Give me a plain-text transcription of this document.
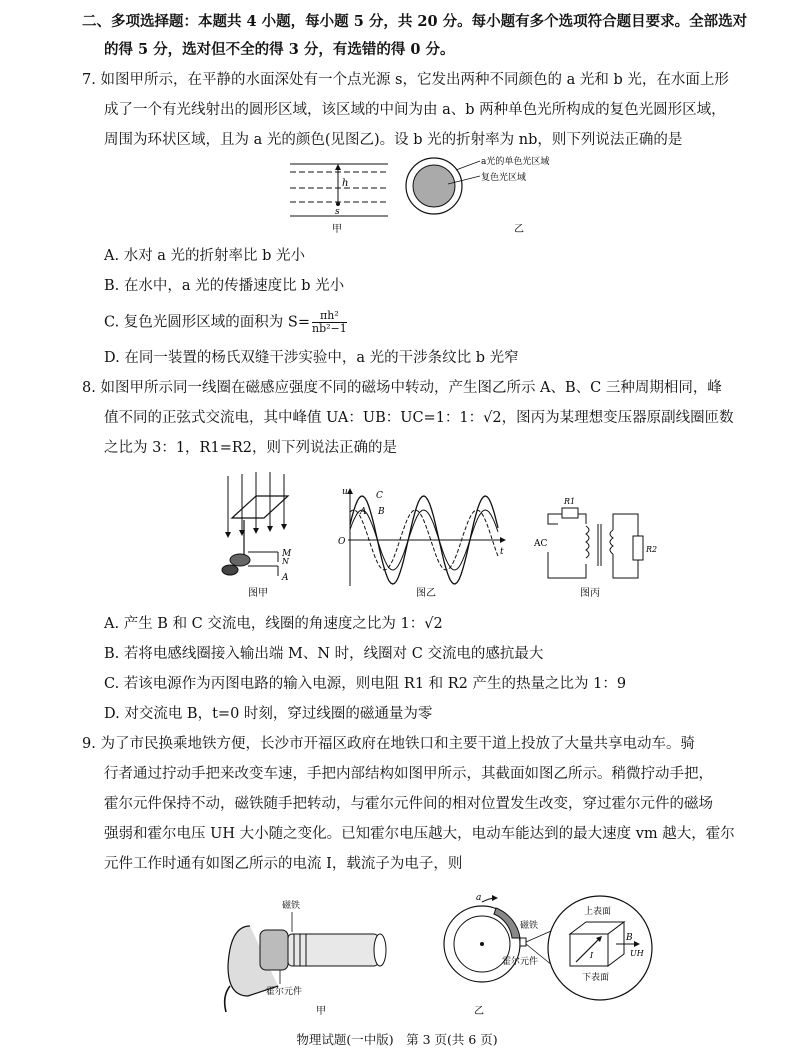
二、多项选择题：本题共 4 小题，每小题 5 分，共 20 分。每小题有多个选项符合题目要求。全部选对
的得 5 分，选对但不全的得 3 分，有选错的得 0 分。
7. 如图甲所示，在平静的水面深处有一个点光源 s，它发出两种不同颜色的 a 光和 b 光，在水面上形
成了一个有光线射出的圆形区域，该区域的中间为由 a、b 两种单色光所构成的复色光圆形区域，
周围为环状区域，且为 a 光的颜色(见图乙)。设 b 光的折射率为 nb，则下列说法正确的是
h
s
甲
a光的单色光区域
复色光区域
乙
A. 水对 a 光的折射率比 b 光小
B. 在水中，a 光的传播速度比 b 光小
C. 复色光圆形区域的面积为 $S= \frac{\text{πh²}}{\text{nb²−1}}$
D. 在同一装置的杨氏双缝干涉实验中，a 光的干涉条纹比 b 光窄
8. 如图甲所示同一线圈在磁感应强度不同的磁场中转动，产生图乙所示 A、B、C 三种周期相同，峰
值不同的正弦式交流电，其中峰值 UA：UB：UC=1：1：√2，图丙为某理想变压器原副线圈匝数
之比为 3：1，R1=R2，则下列说法正确的是
M
N
A
图甲
u
O
t
C
A B
图乙
R1
AC
R2
图丙
A. 产生 B 和 C 交流电，线圈的角速度之比为 1：√2
B. 若将电感线圈接入输出端 M、N 时，线圈对 C 交流电的感抗最大
C. 若该电源作为丙图电路的输入电源，则电阻 R1 和 R2 产生的热量之比为 1：9
D. 对交流电 B，t=0 时刻，穿过线圈的磁通量为零
9. 为了市民换乘地铁方便，长沙市开福区政府在地铁口和主要干道上投放了大量共享电动车。骑
行者通过拧动手把来改变车速，手把内部结构如图甲所示，其截面如图乙所示。稍微拧动手把，
霍尔元件保持不动，磁铁随手把转动，与霍尔元件间的相对位置发生改变，穿过霍尔元件的磁场
强弱和霍尔电压 UH 大小随之变化。已知霍尔电压越大，电动车能达到的最大速度 vm 越大，霍尔
元件工作时通有如图乙所示的电流 I，载流子为电子，则
磁铁
霍尔元件
甲
a
磁铁
霍尔元件
乙
I
B
UH
上表面
下表面
物理试题(一中版)　第 3 页(共 6 页)
